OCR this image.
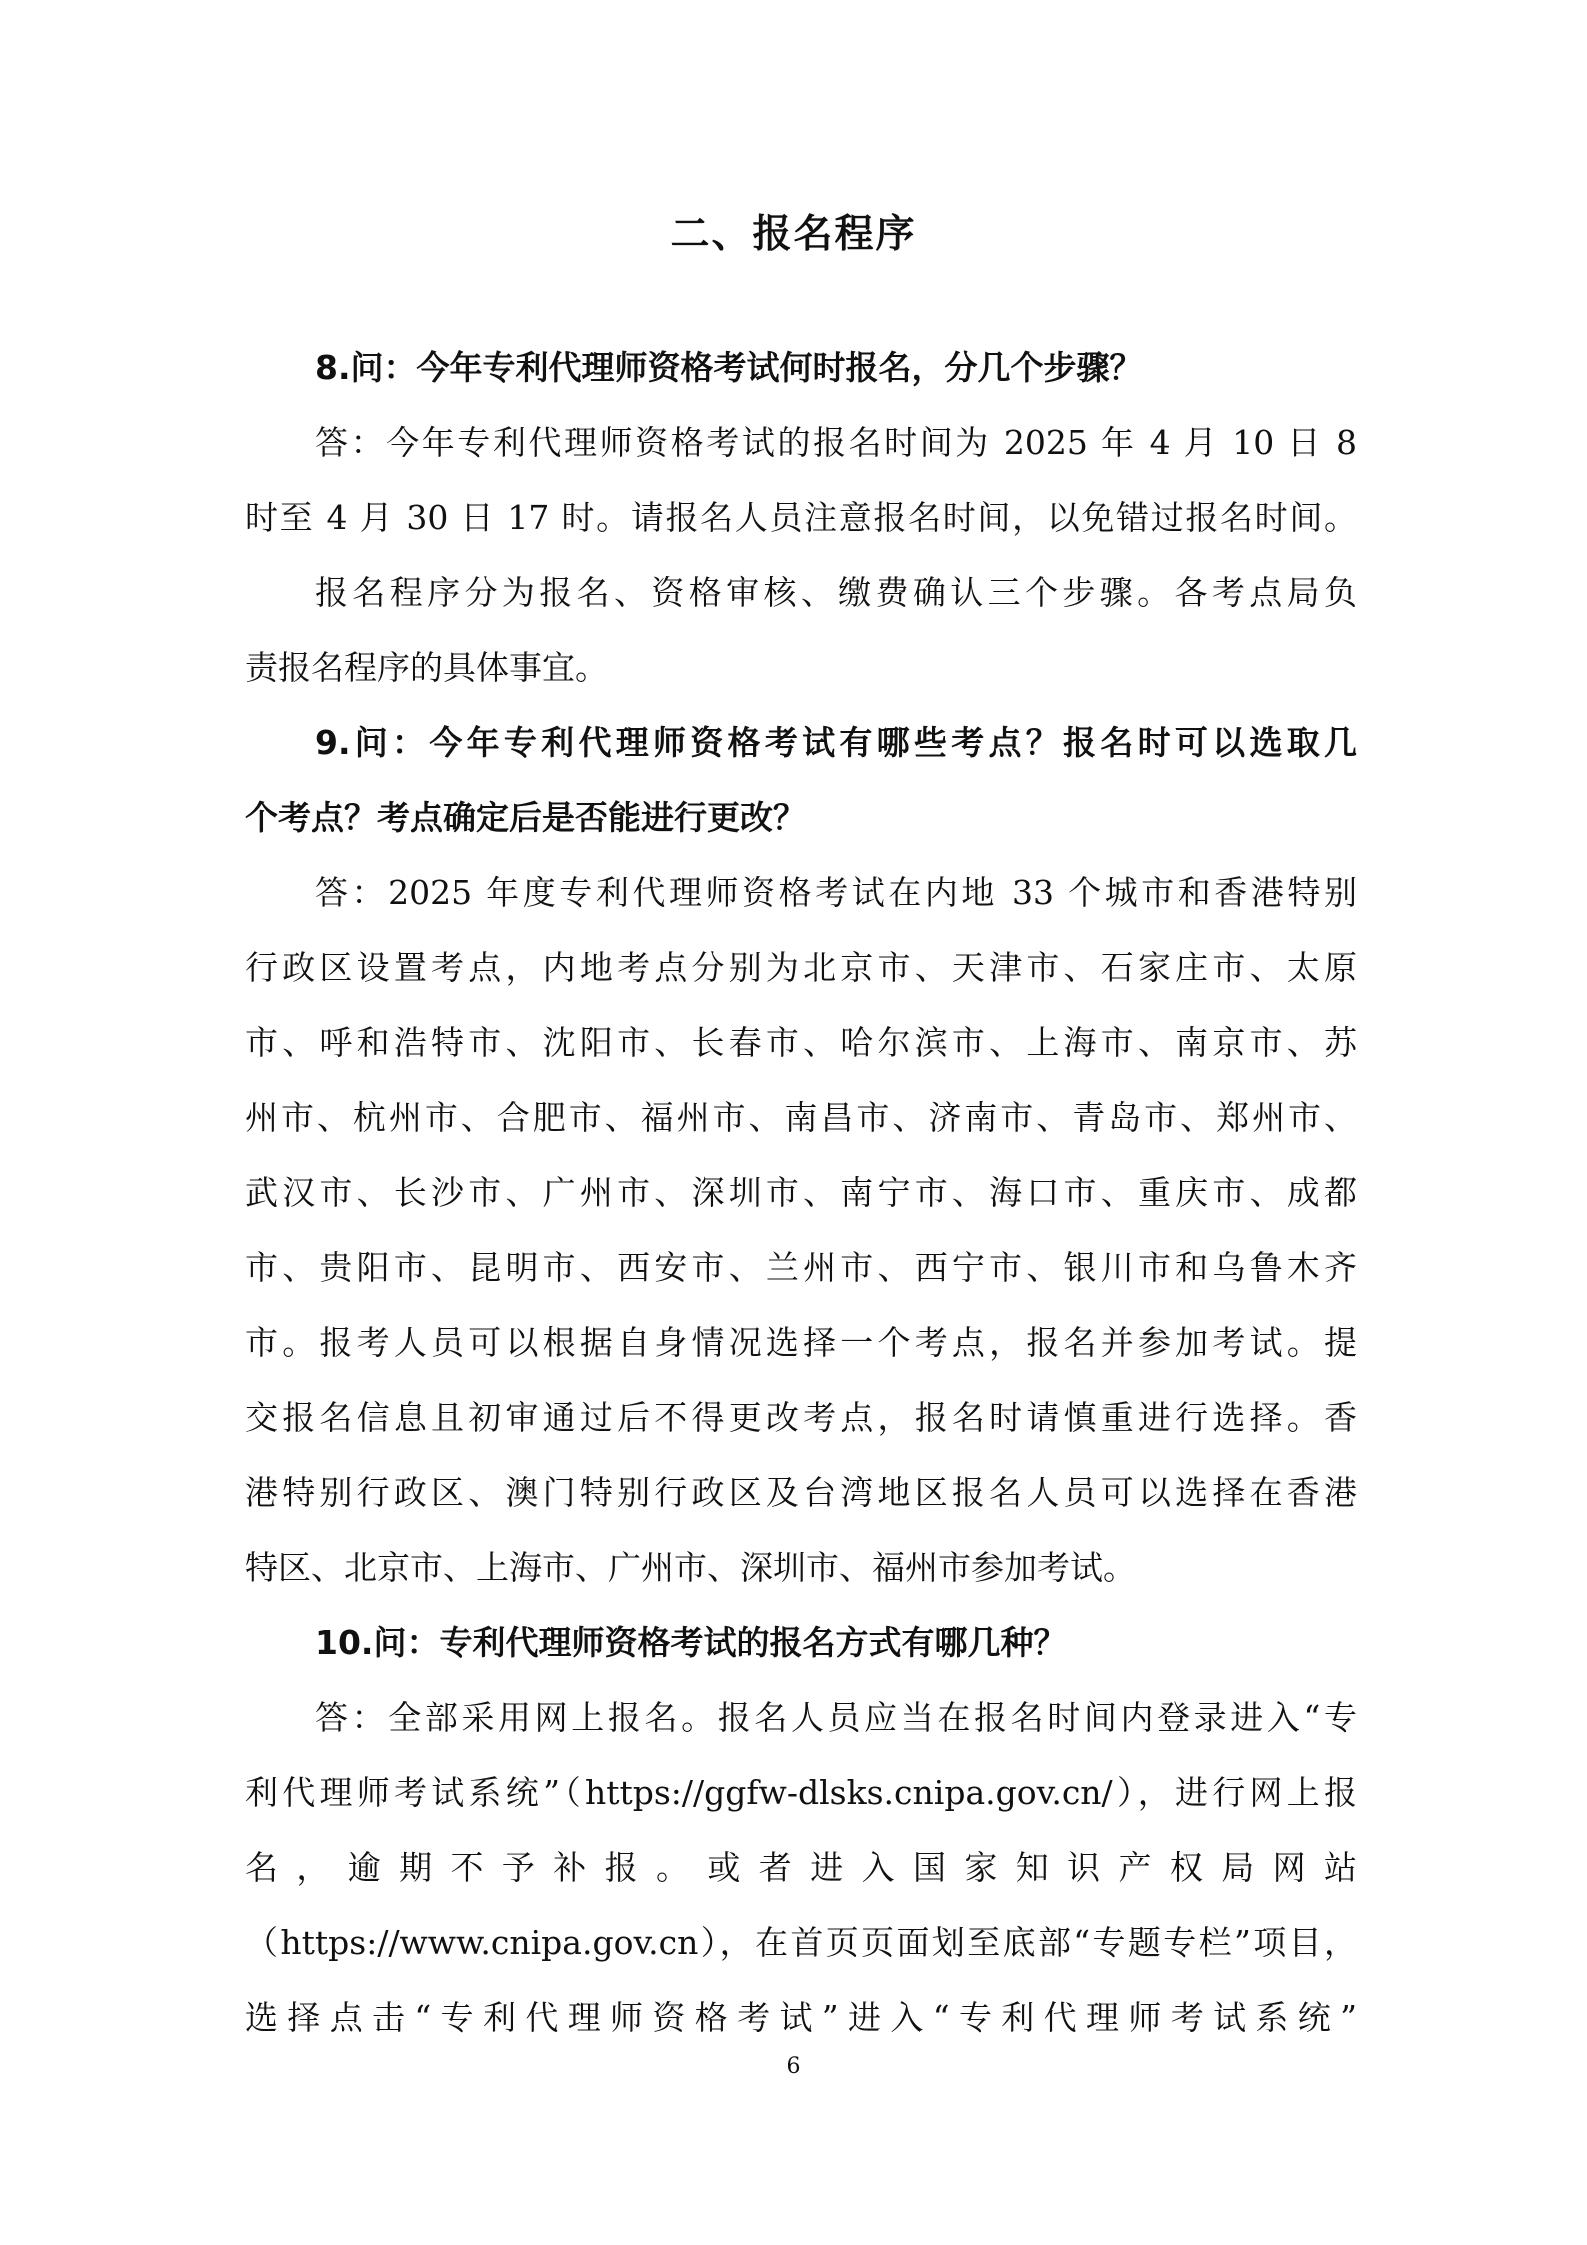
二、报名程序
8.问：今年专利代理师资格考试何时报名，分几个步骤？
答：今年专利代理师资格考试的报名时间为 2025 年 4 月 10 日 8
时至 4 月 30 日 17 时。请报名人员注意报名时间，以免错过报名时间。
报名程序分为报名、资格审核、缴费确认三个步骤。各考点局负
责报名程序的具体事宜。
9.问：今年专利代理师资格考试有哪些考点？报名时可以选取几
个考点？考点确定后是否能进行更改？
答：2025 年度专利代理师资格考试在内地 33 个城市和香港特别
行政区设置考点，内地考点分别为北京市、天津市、石家庄市、太原
市、呼和浩特市、沈阳市、长春市、哈尔滨市、上海市、南京市、苏
州市、杭州市、合肥市、福州市、南昌市、济南市、青岛市、郑州市、
武汉市、长沙市、广州市、深圳市、南宁市、海口市、重庆市、成都
市、贵阳市、昆明市、西安市、兰州市、西宁市、银川市和乌鲁木齐
市。报考人员可以根据自身情况选择一个考点，报名并参加考试。提
交报名信息且初审通过后不得更改考点，报名时请慎重进行选择。香
港特别行政区、澳门特别行政区及台湾地区报名人员可以选择在香港
特区、北京市、上海市、广州市、深圳市、福州市参加考试。
10.问：专利代理师资格考试的报名方式有哪几种？
答：全部采用网上报名。报名人员应当在报名时间内登录进入“专
利代理师考试系统”（https://ggfw-dlsks.cnipa.gov.cn/），进行网上报
名，逾期不予补报。或者进入国家知识产权局网站
（https://www.cnipa.gov.cn），在首页页面划至底部“专题专栏”项目，
选择点击“专利代理师资格考试”进入“专利代理师考试系统”
6
